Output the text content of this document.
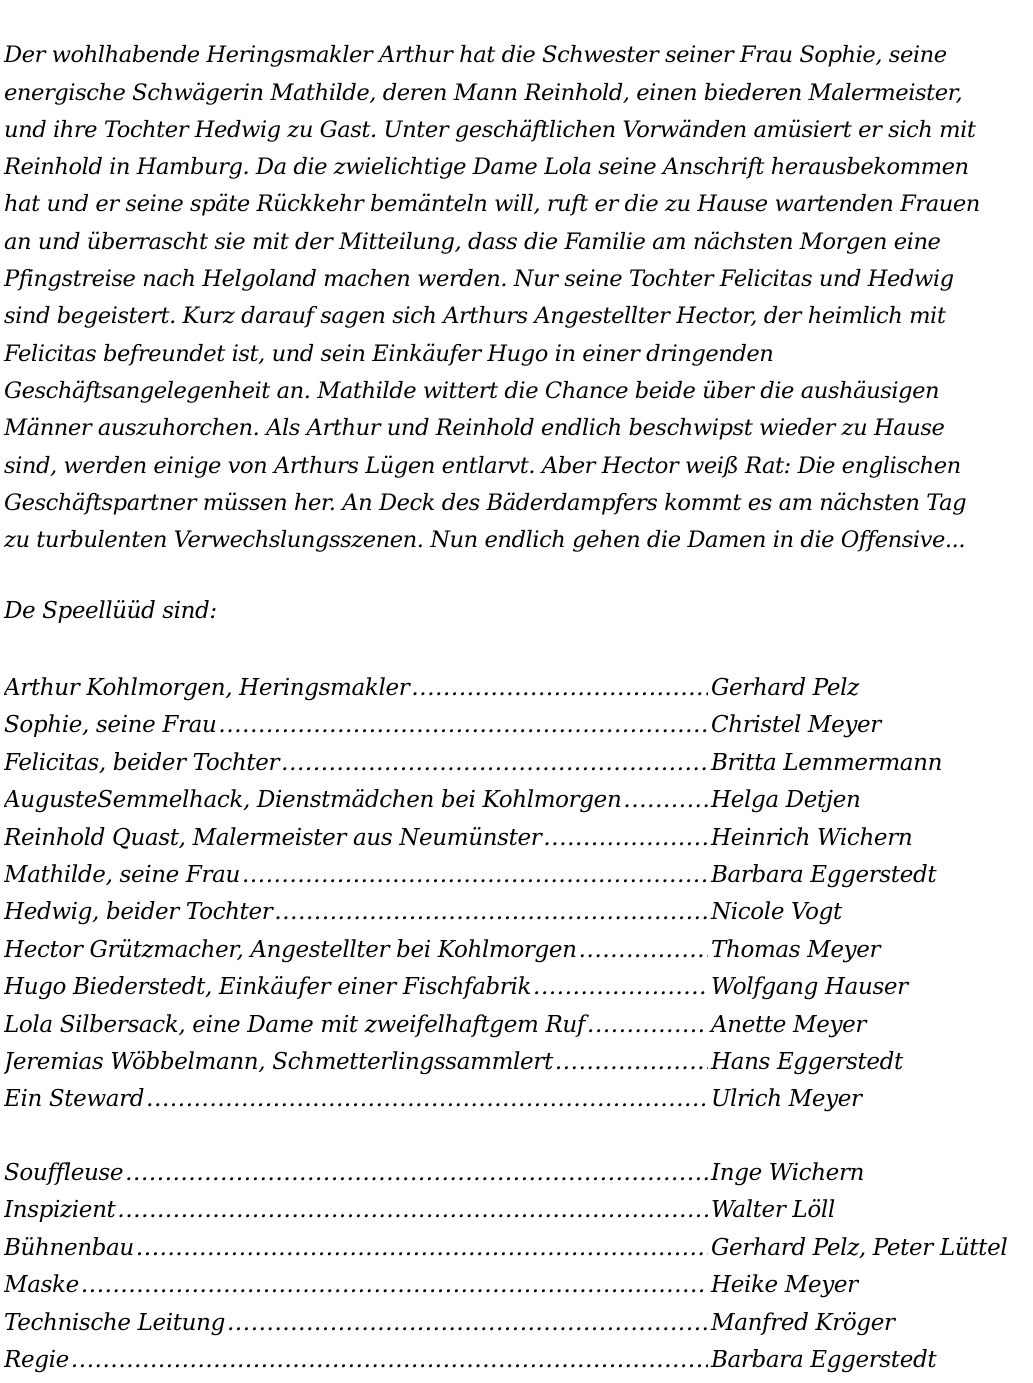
Der wohlhabende Heringsmakler Arthur hat die Schwester seiner Frau Sophie, seine
energische Schwägerin Mathilde, deren Mann Reinhold, einen biederen Malermeister,
und ihre Tochter Hedwig zu Gast. Unter geschäftlichen Vorwänden amüsiert er sich mit
Reinhold in Hamburg. Da die zwielichtige Dame Lola seine Anschrift herausbekommen
hat und er seine späte Rückkehr bemänteln will, ruft er die zu Hause wartenden Frauen
an und überrascht sie mit der Mitteilung, dass die Familie am nächsten Morgen eine
Pfingstreise nach Helgoland machen werden. Nur seine Tochter Felicitas und Hedwig
sind begeistert. Kurz darauf sagen sich Arthurs Angestellter Hector, der heimlich mit
Felicitas befreundet ist, und sein Einkäufer Hugo in einer dringenden
Geschäftsangelegenheit an. Mathilde wittert die Chance beide über die aushäusigen
Männer auszuhorchen. Als Arthur und Reinhold endlich beschwipst wieder zu Hause
sind, werden einige von Arthurs Lügen entlarvt. Aber Hector weiß Rat: Die englischen
Geschäftspartner müssen her. An Deck des Bäderdampfers kommt es am nächsten Tag
zu turbulenten Verwechslungsszenen. Nun endlich gehen die Damen in die Offensive...

De Speellüüd sind:
Arthur Kohlmorgen, Heringsmakler .....	Gerhard Pelz
Sophie, seine Frau .....	Christel Meyer
Felicitas, beider Tochter .....	Britta Lemmermann
AugusteSemmelhack, Dienstmädchen bei Kohlmorgen .....	Helga Detjen
Reinhold Quast, Malermeister aus Neumünster .....	Heinrich Wichern
Mathilde, seine Frau .....	Barbara Eggerstedt
Hedwig, beider Tochter .....	Nicole Vogt
Hector Grützmacher, Angestellter bei Kohlmorgen .....	Thomas Meyer
Hugo Biederstedt, Einkäufer einer Fischfabrik .....	Wolfgang Hauser
Lola Silbersack, eine Dame mit zweifelhaftgem Ruf .....	Anette Meyer
Jeremias Wöbbelmann, Schmetterlingssammlert .....	Hans Eggerstedt
Ein Steward .....	Ulrich Meyer
Souffleuse .....	Inge Wichern
Inspizient .....	Walter Löll
Bühnenbau .....	Gerhard Pelz, Peter Lüttel
Maske .....	Heike Meyer
Technische Leitung .....	Manfred Kröger
Regie .....	Barbara Eggerstedt
